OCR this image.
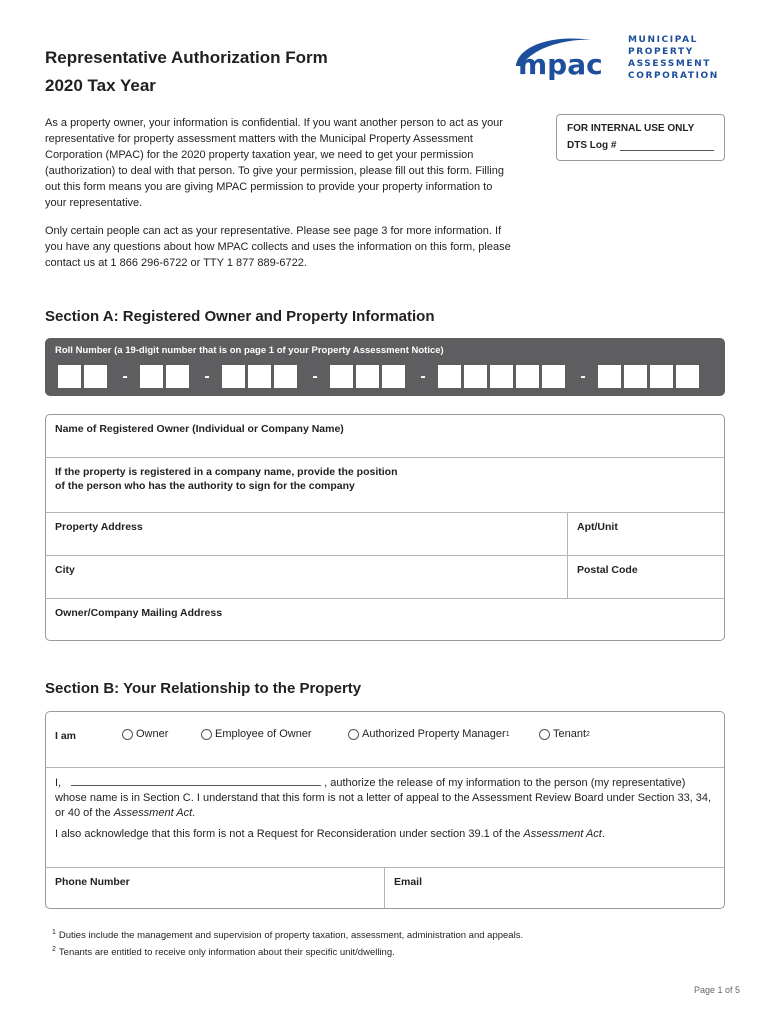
Representative Authorization Form
2020 Tax Year
mpac
MUNICIPAL
PROPERTY
ASSESSMENT
CORPORATION
As a property owner, your information is confidential. If you want another person to act as your representative for property assessment matters with the Municipal Property Assessment Corporation (MPAC) for the 2020 property taxation year, we need to get your permission (authorization) to deal with that person. To give your permission, please fill out this form. Filling out this form means you are giving MPAC permission to provide your property information to your representative.
Only certain people can act as your representative. Please see page 3 for more information. If you have any questions about how MPAC collects and uses the information on this form, please contact us at 1 866 296-6722 or TTY 1 877 889-6722.
FOR INTERNAL USE ONLY
DTS Log #
Section A: Registered Owner and Property Information
Roll Number (a 19-digit number that is on page 1 of your Property Assessment Notice)
-	-	-	-	-
Name of Registered Owner (Individual or Company Name)
If the property is registered in a company name, provide the position
of the person who has the authority to sign for the company
Property Address	Apt/Unit
City	Postal Code
Owner/Company Mailing Address
Section B: Your Relationship to the Property
I am	Owner	Employee of Owner	Authorized Property Manager 1	Tenant 2
I,	, authorize the release of my information to the person (my representative) whose name is in Section C. I understand that this form is not a letter of appeal to the Assessment Review Board under Section 33, 34, or 40 of the Assessment Act.
I also acknowledge that this form is not a Request for Reconsideration under section 39.1 of the Assessment Act.
Phone Number	Email
$^1$ Duties include the management and supervision of property taxation, assessment, administration and appeals.
$^2$ Tenants are entitled to receive only information about their specific unit/dwelling.
Page 1 of 5
